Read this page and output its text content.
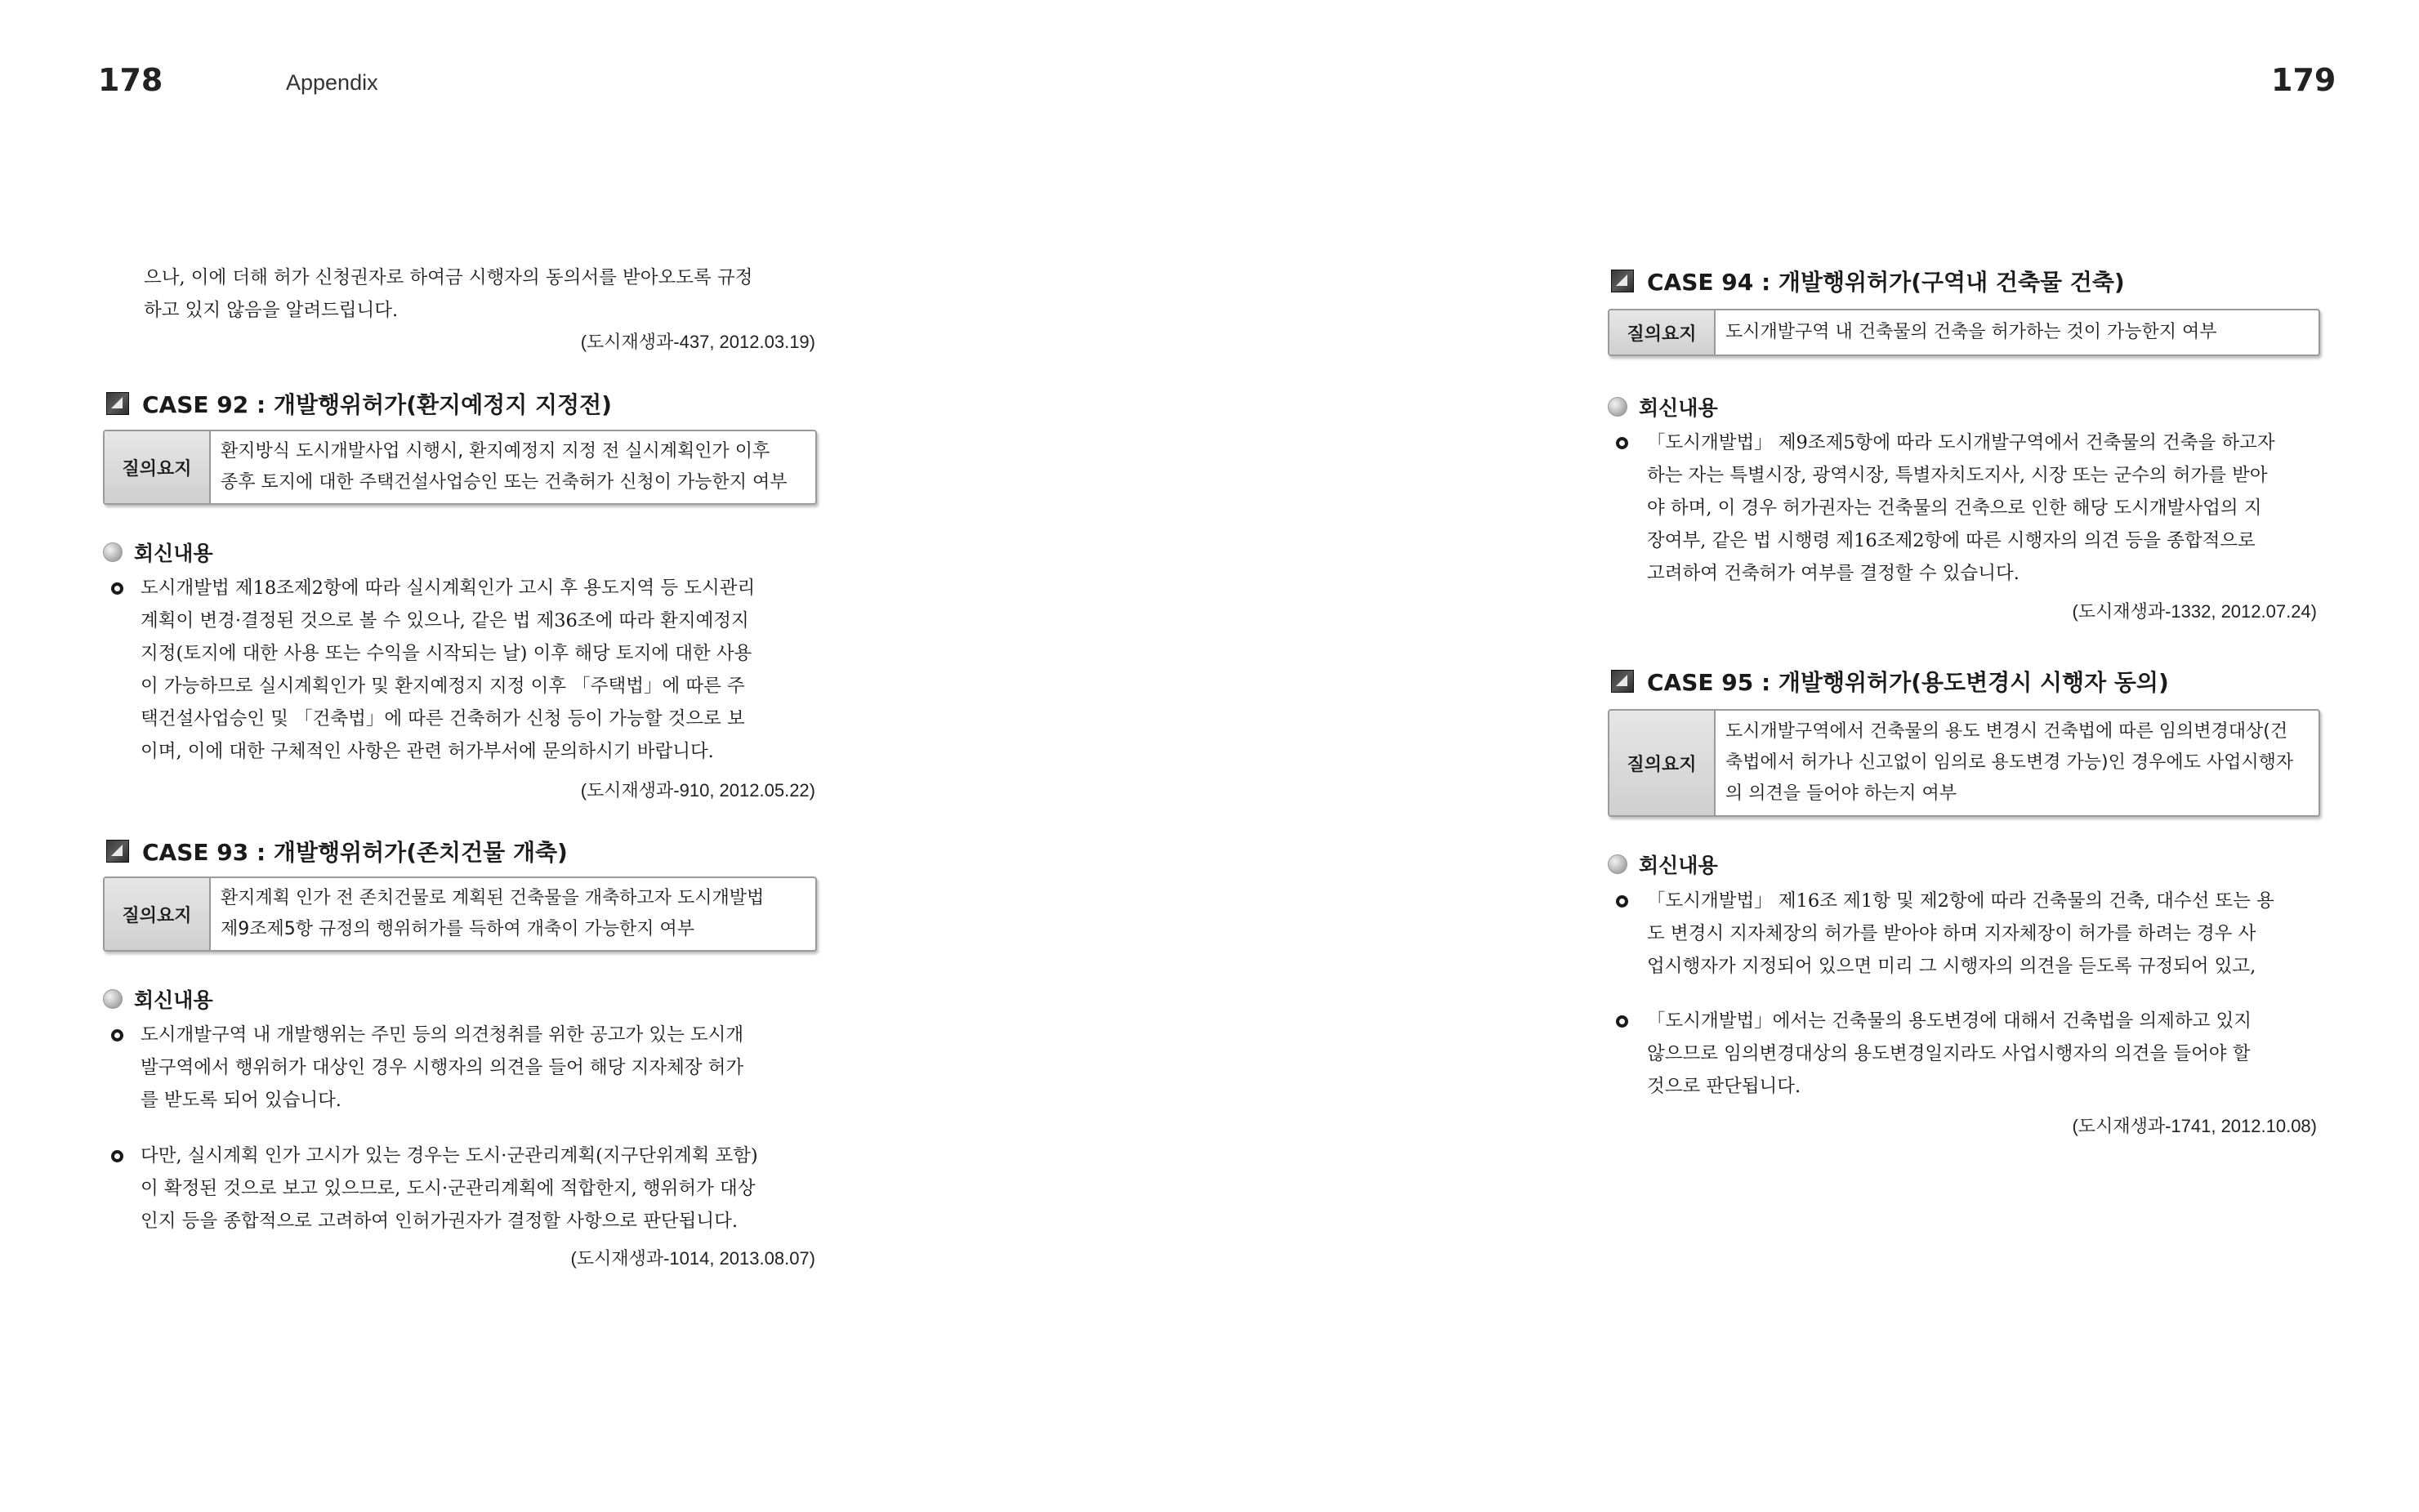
178	Appendix
으나, 이에 더해 허가 신청권자로 하여금 시행자의 동의서를 받아오도록 규정
하고 있지 않음을 알려드립니다.
(도시재생과-437, 2012.03.19)
CASE 92 : 개발행위허가(환지예정지 지정전)
질의요지
환지방식 도시개발사업 시행시, 환지예정지 지정 전 실시계획인가 이후
종후 토지에 대한 주택건설사업승인 또는 건축허가 신청이 가능한지 여부
회신내용
도시개발법 제18조제2항에 따라 실시계획인가 고시 후 용도지역 등 도시관리
계획이 변경·결정된 것으로 볼 수 있으나, 같은 법 제36조에 따라 환지예정지
지정(토지에 대한 사용 또는 수익을 시작되는 날) 이후 해당 토지에 대한 사용
이 가능하므로 실시계획인가 및 환지예정지 지정 이후 「주택법」에 따른 주
택건설사업승인 및 「건축법」에 따른 건축허가 신청 등이 가능할 것으로 보
이며, 이에 대한 구체적인 사항은 관련 허가부서에 문의하시기 바랍니다.
(도시재생과-910, 2012.05.22)
CASE 93 : 개발행위허가(존치건물 개축)
질의요지
환지계획 인가 전 존치건물로 계획된 건축물을 개축하고자 도시개발법
제9조제5항 규정의 행위허가를 득하여 개축이 가능한지 여부
회신내용
도시개발구역 내 개발행위는 주민 등의 의견청취를 위한 공고가 있는 도시개
발구역에서 행위허가 대상인 경우 시행자의 의견을 들어 해당 지자체장 허가
를 받도록 되어 있습니다.
다만, 실시계획 인가 고시가 있는 경우는 도시·군관리계획(지구단위계획 포함)
이 확정된 것으로 보고 있으므로, 도시·군관리계획에 적합한지, 행위허가 대상
인지 등을 종합적으로 고려하여 인허가권자가 결정할 사항으로 판단됩니다.
(도시재생과-1014, 2013.08.07)
179
CASE 94 : 개발행위허가(구역내 건축물 건축)
질의요지	도시개발구역 내 건축물의 건축을 허가하는 것이 가능한지 여부
회신내용
「도시개발법」 제9조제5항에 따라 도시개발구역에서 건축물의 건축을 하고자
하는 자는 특별시장, 광역시장, 특별자치도지사, 시장 또는 군수의 허가를 받아
야 하며, 이 경우 허가권자는 건축물의 건축으로 인한 해당 도시개발사업의 지
장여부, 같은 법 시행령 제16조제2항에 따른 시행자의 의견 등을 종합적으로
고려하여 건축허가 여부를 결정할 수 있습니다.
(도시재생과-1332, 2012.07.24)
CASE 95 : 개발행위허가(용도변경시 시행자 동의)
질의요지
도시개발구역에서 건축물의 용도 변경시 건축법에 따른 임의변경대상(건
축법에서 허가나 신고없이 임의로 용도변경 가능)인 경우에도 사업시행자
의 의견을 들어야 하는지 여부
회신내용
「도시개발법」 제16조 제1항 및 제2항에 따라 건축물의 건축, 대수선 또는 용
도 변경시 지자체장의 허가를 받아야 하며 지자체장이 허가를 하려는 경우 사
업시행자가 지정되어 있으면 미리 그 시행자의 의견을 듣도록 규정되어 있고,
「도시개발법」에서는 건축물의 용도변경에 대해서 건축법을 의제하고 있지
않으므로 임의변경대상의 용도변경일지라도 사업시행자의 의견을 들어야 할
것으로 판단됩니다.
(도시재생과-1741, 2012.10.08)
